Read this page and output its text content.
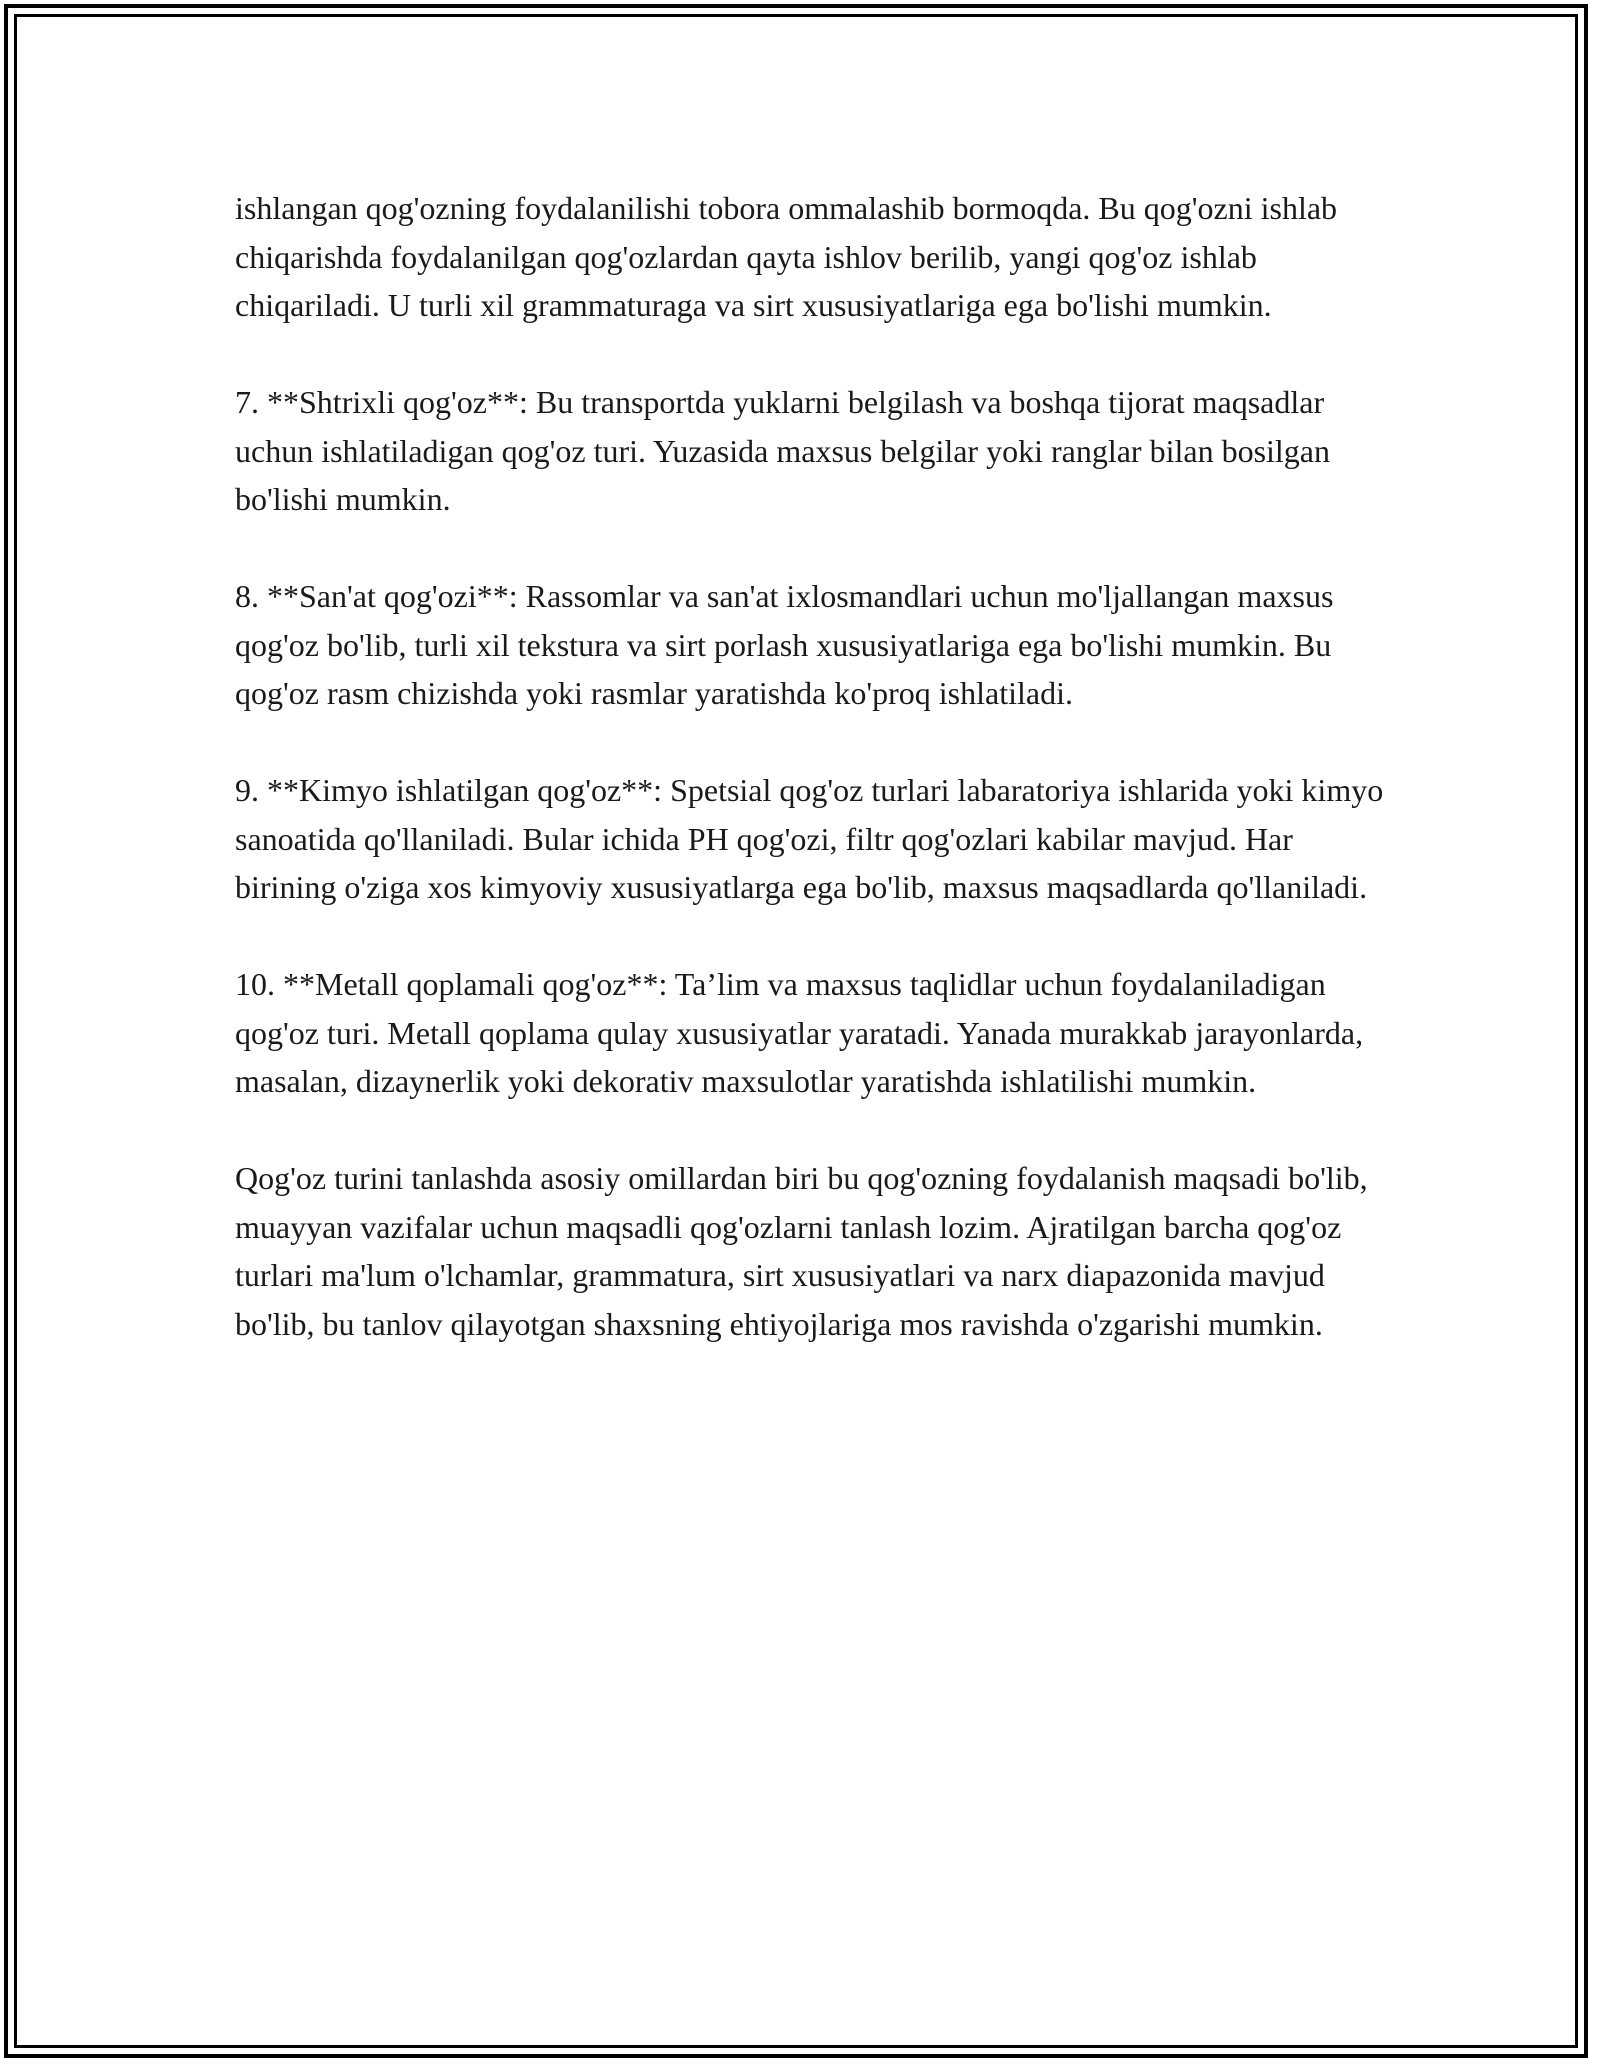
ishlangan qog'ozning foydalanilishi tobora ommalashib bormoqda. Bu qog'ozni ishlab chiqarishda foydalanilgan qog'ozlardan qayta ishlov berilib, yangi qog'oz ishlab chiqariladi. U turli xil grammaturaga va sirt xususiyatlariga ega bo'lishi mumkin.

7. **Shtrixli qog'oz**: Bu transportda yuklarni belgilash va boshqa tijorat maqsadlar uchun ishlatiladigan qog'oz turi. Yuzasida maxsus belgilar yoki ranglar bilan bosilgan bo'lishi mumkin.

8. **San'at qog'ozi**: Rassomlar va san'at ixlosmandlari uchun mo'ljallangan maxsus qog'oz bo'lib, turli xil tekstura va sirt porlash xususiyatlariga ega bo'lishi mumkin. Bu qog'oz rasm chizishda yoki rasmlar yaratishda ko'proq ishlatiladi.

9. **Kimyo ishlatilgan qog'oz**: Spetsial qog'oz turlari labaratoriya ishlarida yoki kimyo sanoatida qo'llaniladi. Bular ichida PH qog'ozi, filtr qog'ozlari kabilar mavjud. Har birining o'ziga xos kimyoviy xususiyatlarga ega bo'lib, maxsus maqsadlarda qo'llaniladi.

10. **Metall qoplamali qog'oz**: Ta’lim va maxsus taqlidlar uchun foydalaniladigan qog'oz turi. Metall qoplama qulay xususiyatlar yaratadi. Yanada murakkab jarayonlarda, masalan, dizaynerlik yoki dekorativ maxsulotlar yaratishda ishlatilishi mumkin.

Qog'oz turini tanlashda asosiy omillardan biri bu qog'ozning foydalanish maqsadi bo'lib, muayyan vazifalar uchun maqsadli qog'ozlarni tanlash lozim. Ajratilgan barcha qog'oz turlari ma'lum o'lchamlar, grammatura, sirt xususiyatlari va narx diapazonida mavjud bo'lib, bu tanlov qilayotgan shaxsning ehtiyojlariga mos ravishda o'zgarishi mumkin.
